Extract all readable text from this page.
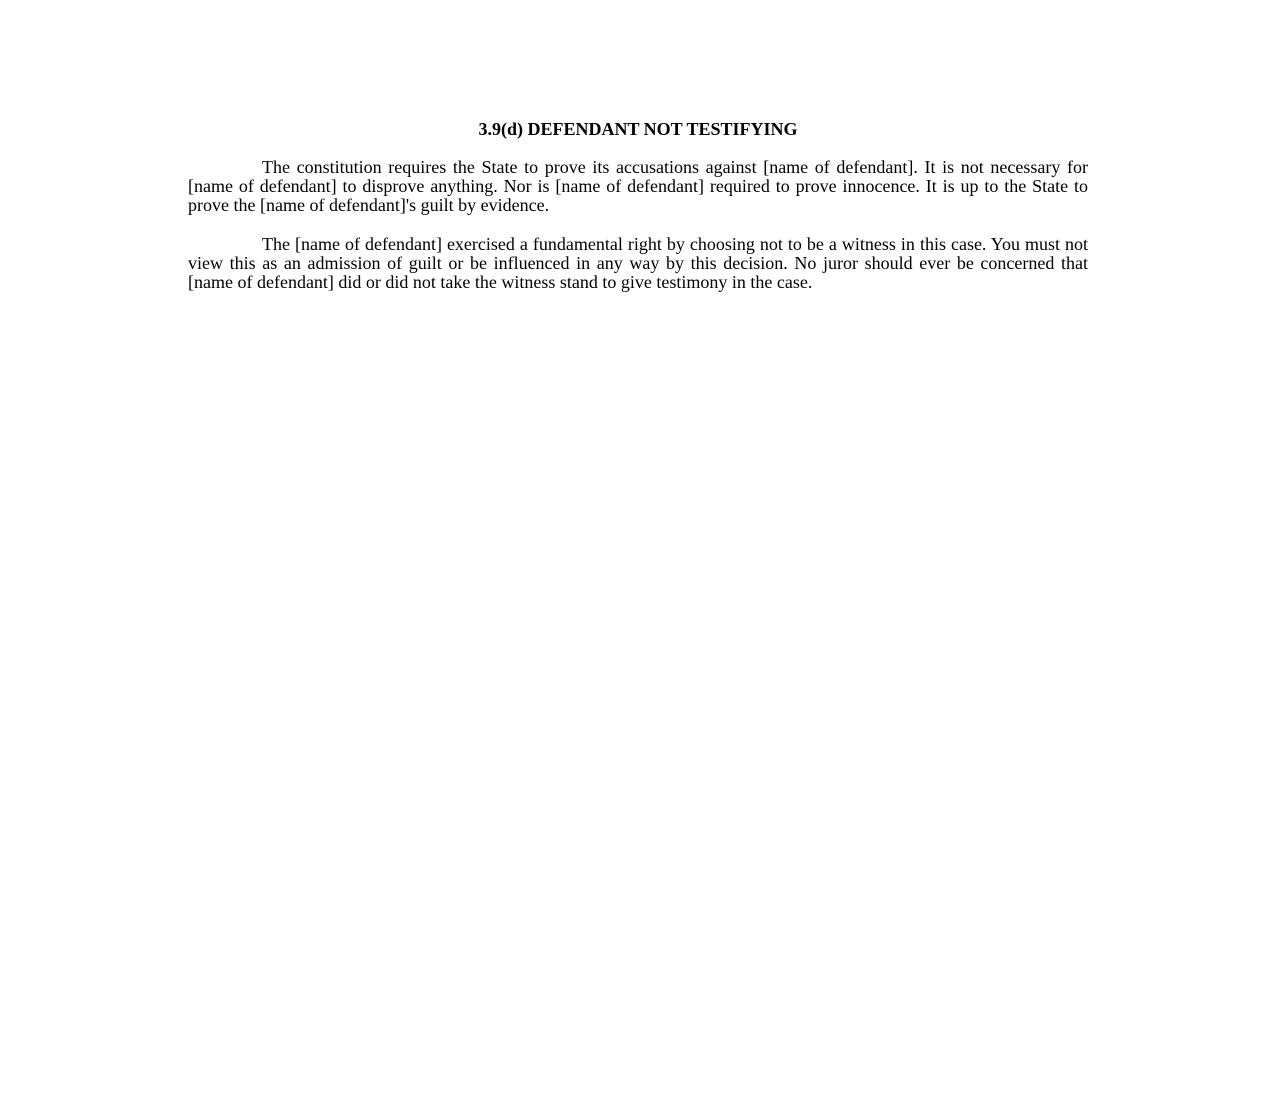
3.9(d) DEFENDANT NOT TESTIFYING

The constitution requires the State to prove its accusations against [name of defendant]. It is not necessary for [name of defendant] to disprove anything. Nor is [name of defendant] required to prove innocence. It is up to the State to prove the [name of defendant]'s guilt by evidence.

The [name of defendant] exercised a fundamental right by choosing not to be a witness in this case. You must not view this as an admission of guilt or be influenced in any way by this decision. No juror should ever be concerned that [name of defendant] did or did not take the witness stand to give testimony in the case.
